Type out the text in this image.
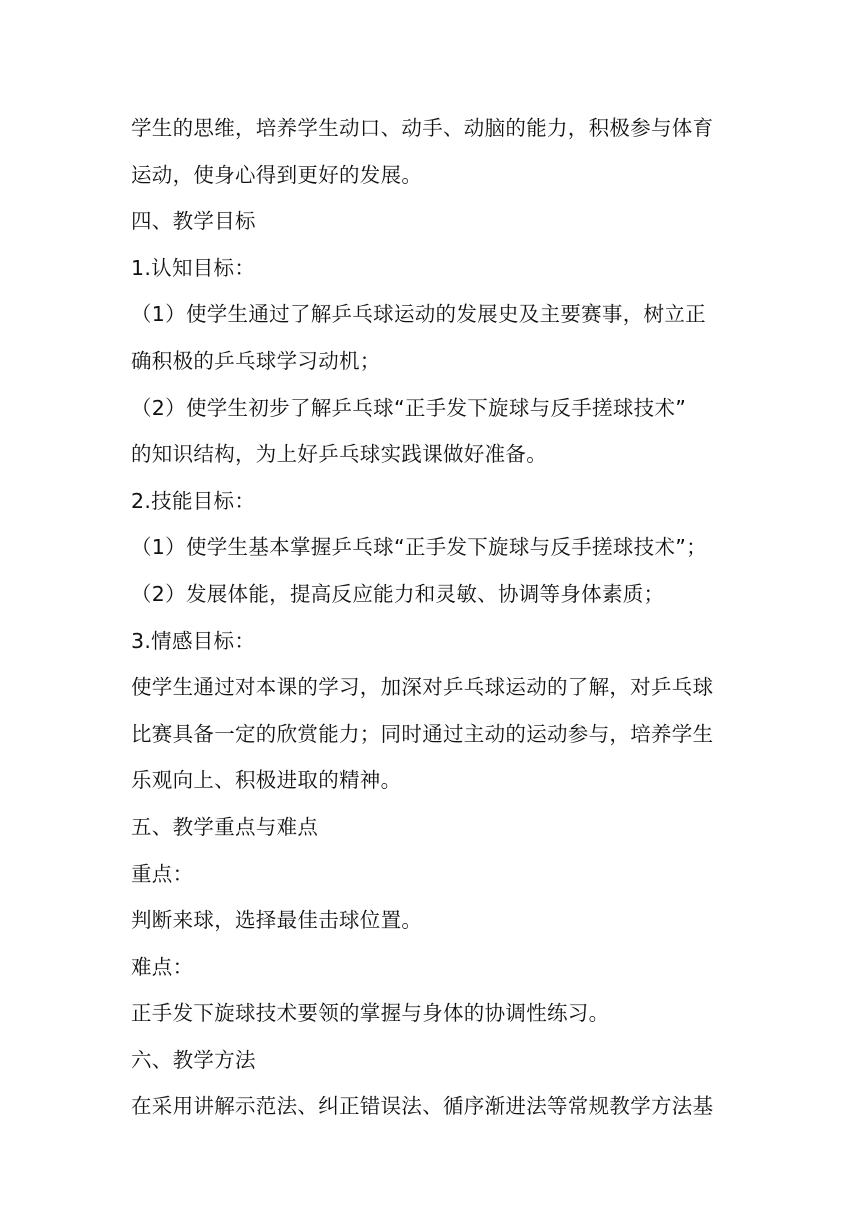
学生的思维，培养学生动口、动手、动脑的能力，积极参与体育
运动，使身心得到更好的发展。
四、教学目标
1.认知目标：
（1）使学生通过了解乒乓球运动的发展史及主要赛事，树立正
确积极的乒乓球学习动机；
（2）使学生初步了解乒乓球“正手发下旋球与反手搓球技术”
的知识结构，为上好乒乓球实践课做好准备。
2.技能目标：
（1）使学生基本掌握乒乓球“正手发下旋球与反手搓球技术”；
（2）发展体能，提高反应能力和灵敏、协调等身体素质；
3.情感目标：
使学生通过对本课的学习，加深对乒乓球运动的了解，对乒乓球
比赛具备一定的欣赏能力；同时通过主动的运动参与，培养学生
乐观向上、积极进取的精神。
五、教学重点与难点
重点：
判断来球，选择最佳击球位置。
难点：
正手发下旋球技术要领的掌握与身体的协调性练习。
六、教学方法
在采用讲解示范法、纠正错误法、循序渐进法等常规教学方法基
